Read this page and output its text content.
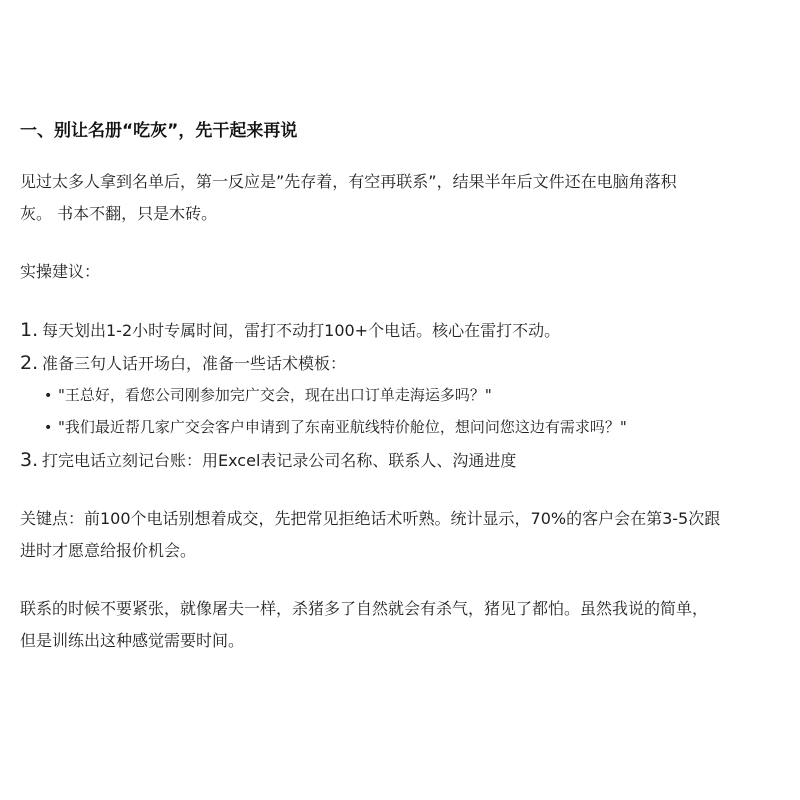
一、别让名册“吃灰”，先干起来再说

见过太多人拿到名单后，第一反应是”先存着，有空再联系”，结果半年后文件还在电脑角落积

灰。 书本不翻，只是木砖。

实操建议：

1. 每天划出1-2小时专属时间，雷打不动打100+个电话。核心在雷打不动。
2. 准备三句人话开场白，准备一些话术模板：
• "王总好，看您公司刚参加完广交会，现在出口订单走海运多吗？"
• "我们最近帮几家广交会客户申请到了东南亚航线特价舱位，想问问您这边有需求吗？"
3. 打完电话立刻记台账：用Excel表记录公司名称、联系人、沟通进度

关键点：前100个电话别想着成交，先把常见拒绝话术听熟。统计显示，70%的客户会在第3-5次跟

进时才愿意给报价机会。

联系的时候不要紧张，就像屠夫一样，杀猪多了自然就会有杀气，猪见了都怕。虽然我说的简单，

但是训练出这种感觉需要时间。
